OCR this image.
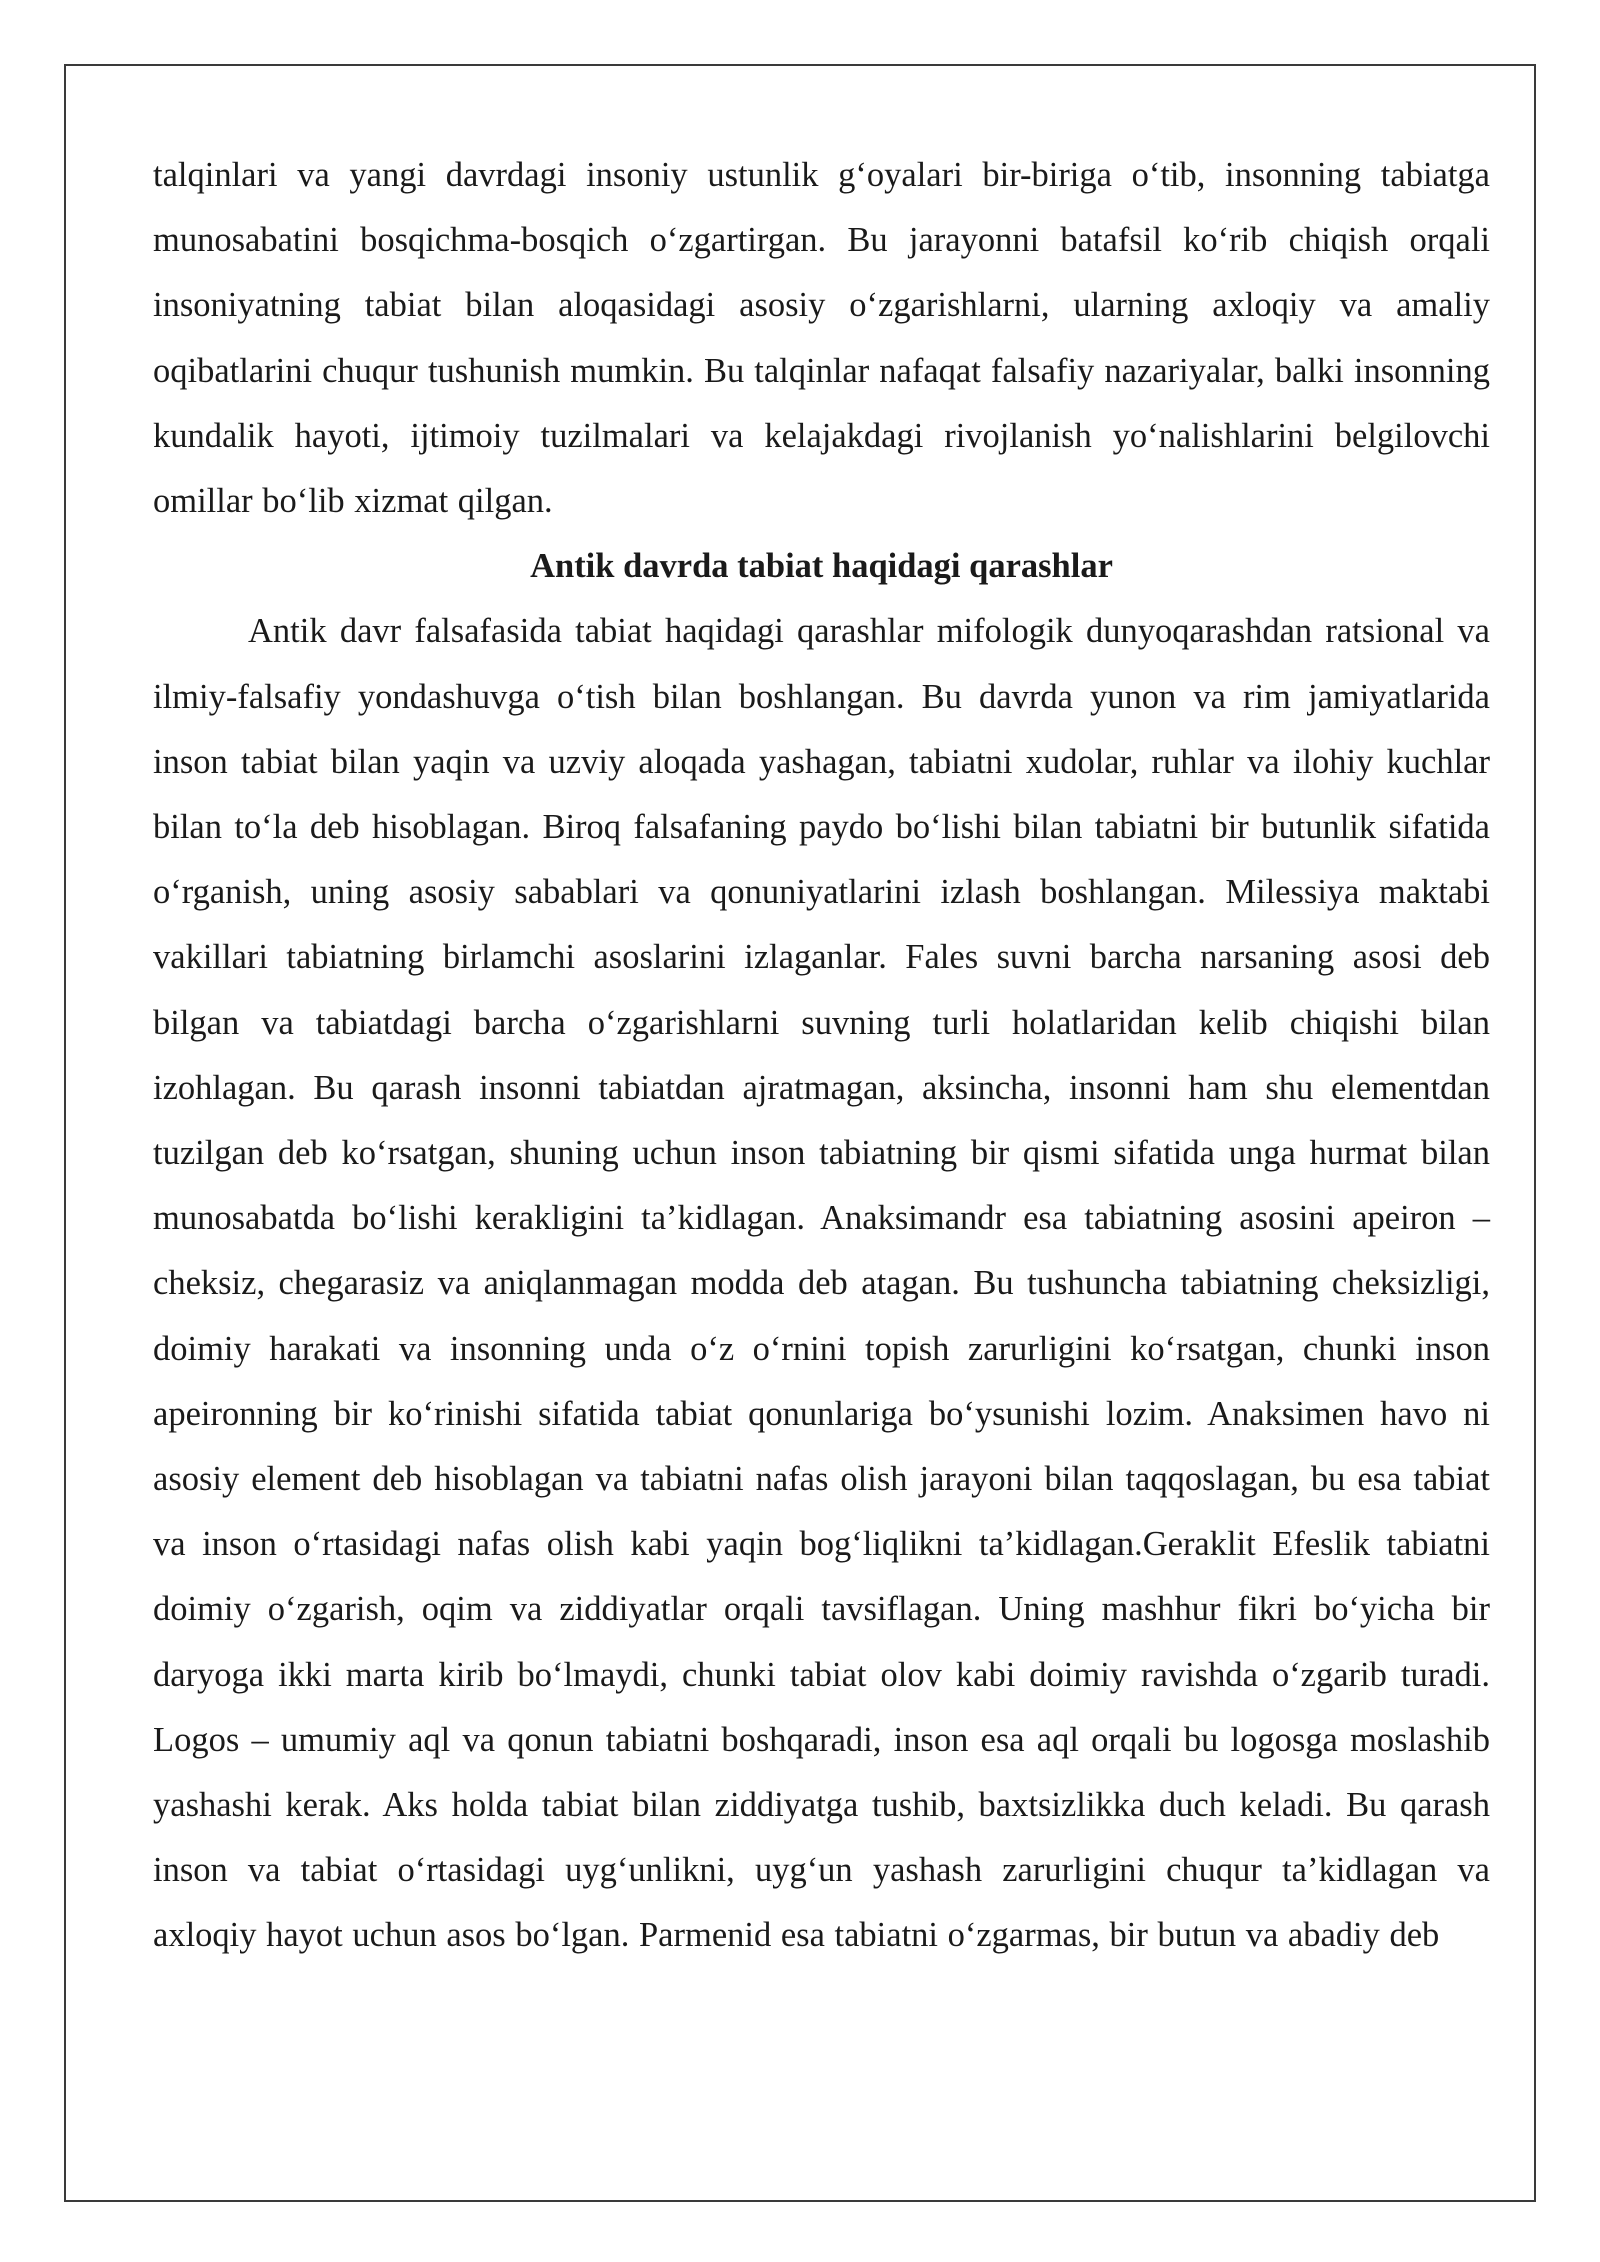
talqinlari va yangi davrdagi insoniy ustunlik g‘oyalari bir-biriga o‘tib, insonning tabiatga munosabatini bosqichma-bosqich o‘zgartirgan. Bu jarayonni batafsil ko‘rib chiqish orqali insoniyatning tabiat bilan aloqasidagi asosiy o‘zgarishlarni, ularning axloqiy va amaliy oqibatlarini chuqur tushunish mumkin. Bu talqinlar nafaqat falsafiy nazariyalar, balki insonning kundalik hayoti, ijtimoiy tuzilmalari va kelajakdagi rivojlanish yo‘nalishlarini belgilovchi omillar bo‘lib xizmat qilgan.

Antik davrda tabiat haqidagi qarashlar

Antik davr falsafasida tabiat haqidagi qarashlar mifologik dunyoqarashdan ratsional va ilmiy-falsafiy yondashuvga o‘tish bilan boshlangan. Bu davrda yunon va rim jamiyatlarida inson tabiat bilan yaqin va uzviy aloqada yashagan, tabiatni xudolar, ruhlar va ilohiy kuchlar bilan to‘la deb hisoblagan. Biroq falsafaning paydo bo‘lishi bilan tabiatni bir butunlik sifatida o‘rganish, uning asosiy sabablari va qonuniyatlarini izlash boshlangan. Milessiya maktabi vakillari tabiatning birlamchi asoslarini izlaganlar. Fales suvni barcha narsaning asosi deb bilgan va tabiatdagi barcha o‘zgarishlarni suvning turli holatlaridan kelib chiqishi bilan izohlagan. Bu qarash insonni tabiatdan ajratmagan, aksincha, insonni ham shu elementdan tuzilgan deb ko‘rsatgan, shuning uchun inson tabiatning bir qismi sifatida unga hurmat bilan munosabatda bo‘lishi kerakligini ta’kidlagan. Anaksimandr esa tabiatning asosini apeiron – cheksiz, chegarasiz va aniqlanmagan modda deb atagan. Bu tushuncha tabiatning cheksizligi, doimiy harakati va insonning unda o‘z o‘rnini topish zarurligini ko‘rsatgan, chunki inson apeironning bir ko‘rinishi sifatida tabiat qonunlariga bo‘ysunishi lozim. Anaksimen havo ni asosiy element deb hisoblagan va tabiatni nafas olish jarayoni bilan taqqoslagan, bu esa tabiat va inson o‘rtasidagi nafas olish kabi yaqin bog‘liqlikni ta’kidlagan.Geraklit Efeslik tabiatni doimiy o‘zgarish, oqim va ziddiyatlar orqali tavsiflagan. Uning mashhur fikri bo‘yicha bir daryoga ikki marta kirib bo‘lmaydi, chunki tabiat olov kabi doimiy ravishda o‘zgarib turadi. Logos – umumiy aql va qonun tabiatni boshqaradi, inson esa aql orqali bu logosga moslashib yashashi kerak. Aks holda tabiat bilan ziddiyatga tushib, baxtsizlikka duch keladi. Bu qarash inson va tabiat o‘rtasidagi uyg‘unlikni, uyg‘un yashash zarurligini chuqur ta’kidlagan va axloqiy hayot uchun asos bo‘lgan. Parmenid esa tabiatni o‘zgarmas, bir butun va abadiy deb
